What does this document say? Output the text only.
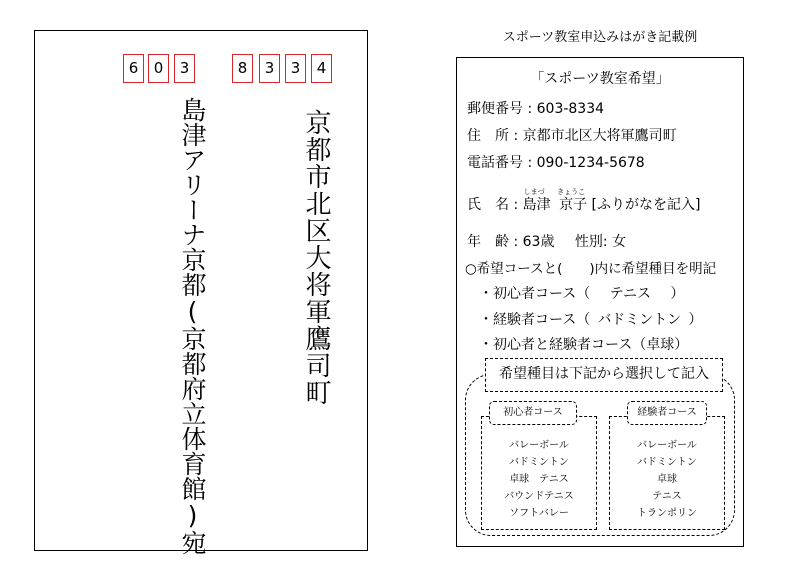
6	0	3	8	3	3	4
京都市北区大将軍鷹司町
島津アリーナ京都(京都府立体育館)宛
スポーツ教室申込みはがき記載例
「スポーツ教室希望」
郵便番号 : 603-8334
住　所 : 京都市北区大将軍鷹司町
電話番号 : 090-1234-5678
氏　名 :
しまづ
島津
きょうこ
京子 [ふりがなを記入]
年　齢 : 63歳 性別: 女
○希望コースと(　　)内に希望種目を明記
・初心者コース（ テニス ）
・経験者コース（ バドミントン ）
・初心者と経験者コース（卓球）
希望種目は下記から選択して記入
バレーボール
バドミントン
卓球　テニス
バウンドテニス
ソフトバレー
初心者コース
バレーボール
バドミントン
卓球
テニス
トランポリン
経験者コース
